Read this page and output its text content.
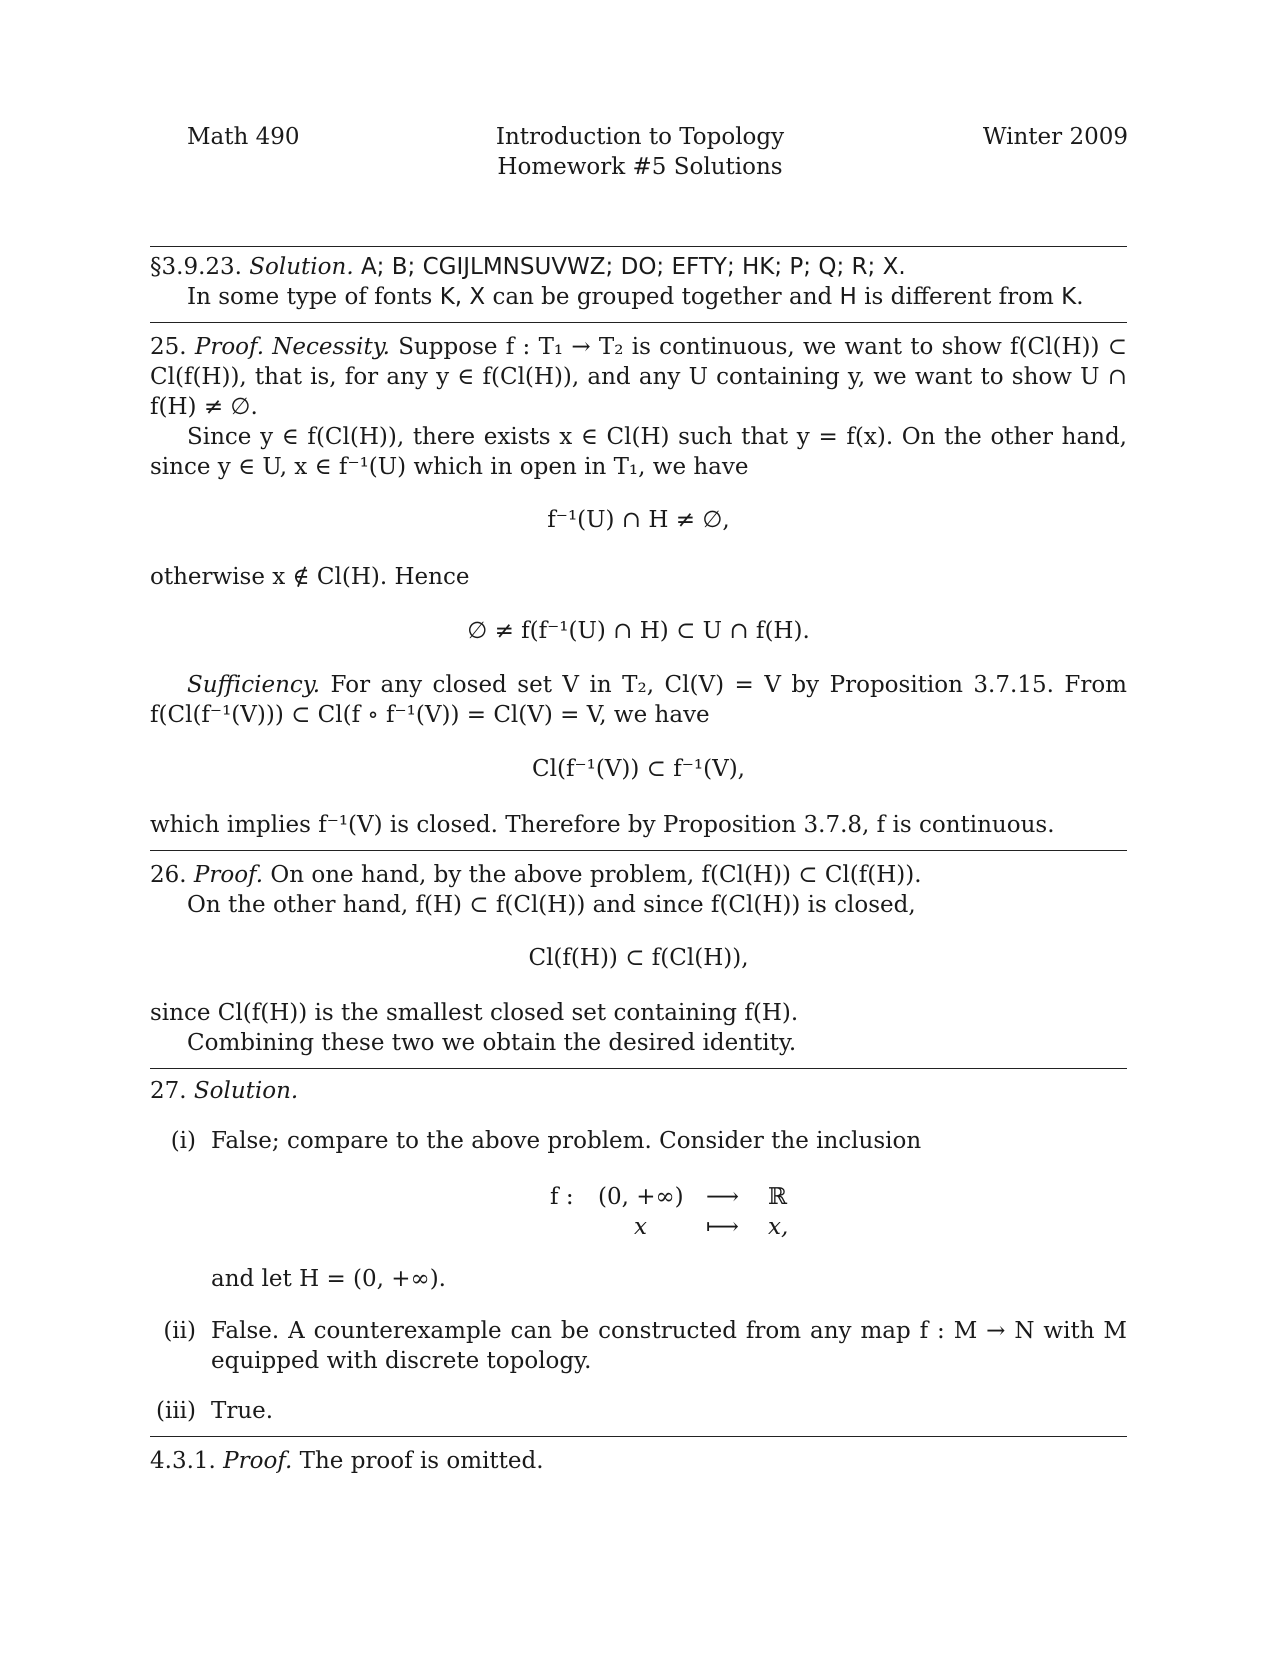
Math 490	Introduction to Topology
Homework #5 Solutions
Winter 2009
§3.9.23. Solution. A; B; CGIJLMNSUVWZ; DO; EFTY; HK; P; Q; R; X.
In some type of fonts K, X can be grouped together and H is different from K.
25. Proof. Necessity. Suppose f : T₁ → T₂ is continuous, we want to show f(Cl(H)) ⊂ Cl(f(H)), that is, for any y ∈ f(Cl(H)), and any U containing y, we want to show U ∩ f(H) ≠ ∅.
Since y ∈ f(Cl(H)), there exists x ∈ Cl(H) such that y = f(x). On the other hand, since y ∈ U, x ∈ f⁻¹(U) which in open in T₁, we have
f⁻¹(U) ∩ H ≠ ∅,
otherwise x ∉ Cl(H). Hence
∅ ≠ f(f⁻¹(U) ∩ H) ⊂ U ∩ f(H).
Sufficiency. For any closed set V in T₂, Cl(V) = V by Proposition 3.7.15. From f(Cl(f⁻¹(V))) ⊂ Cl(f ∘ f⁻¹(V)) = Cl(V) = V, we have
Cl(f⁻¹(V)) ⊂ f⁻¹(V),
which implies f⁻¹(V) is closed. Therefore by Proposition 3.7.8, f is continuous.
26. Proof. On one hand, by the above problem, f(Cl(H)) ⊂ Cl(f(H)).
On the other hand, f(H) ⊂ f(Cl(H)) and since f(Cl(H)) is closed,
Cl(f(H)) ⊂ f(Cl(H)),
since Cl(f(H)) is the smallest closed set containing f(H).
Combining these two we obtain the desired identity.
27. Solution.
(i) False; compare to the above problem. Consider the inclusion
f : (0, +∞) ⟶ ℝ
x	⟼ x,
and let H = (0, +∞).
(ii) False. A counterexample can be constructed from any map f : M → N with M equipped with discrete topology.
(iii) True.
4.3.1. Proof. The proof is omitted.
